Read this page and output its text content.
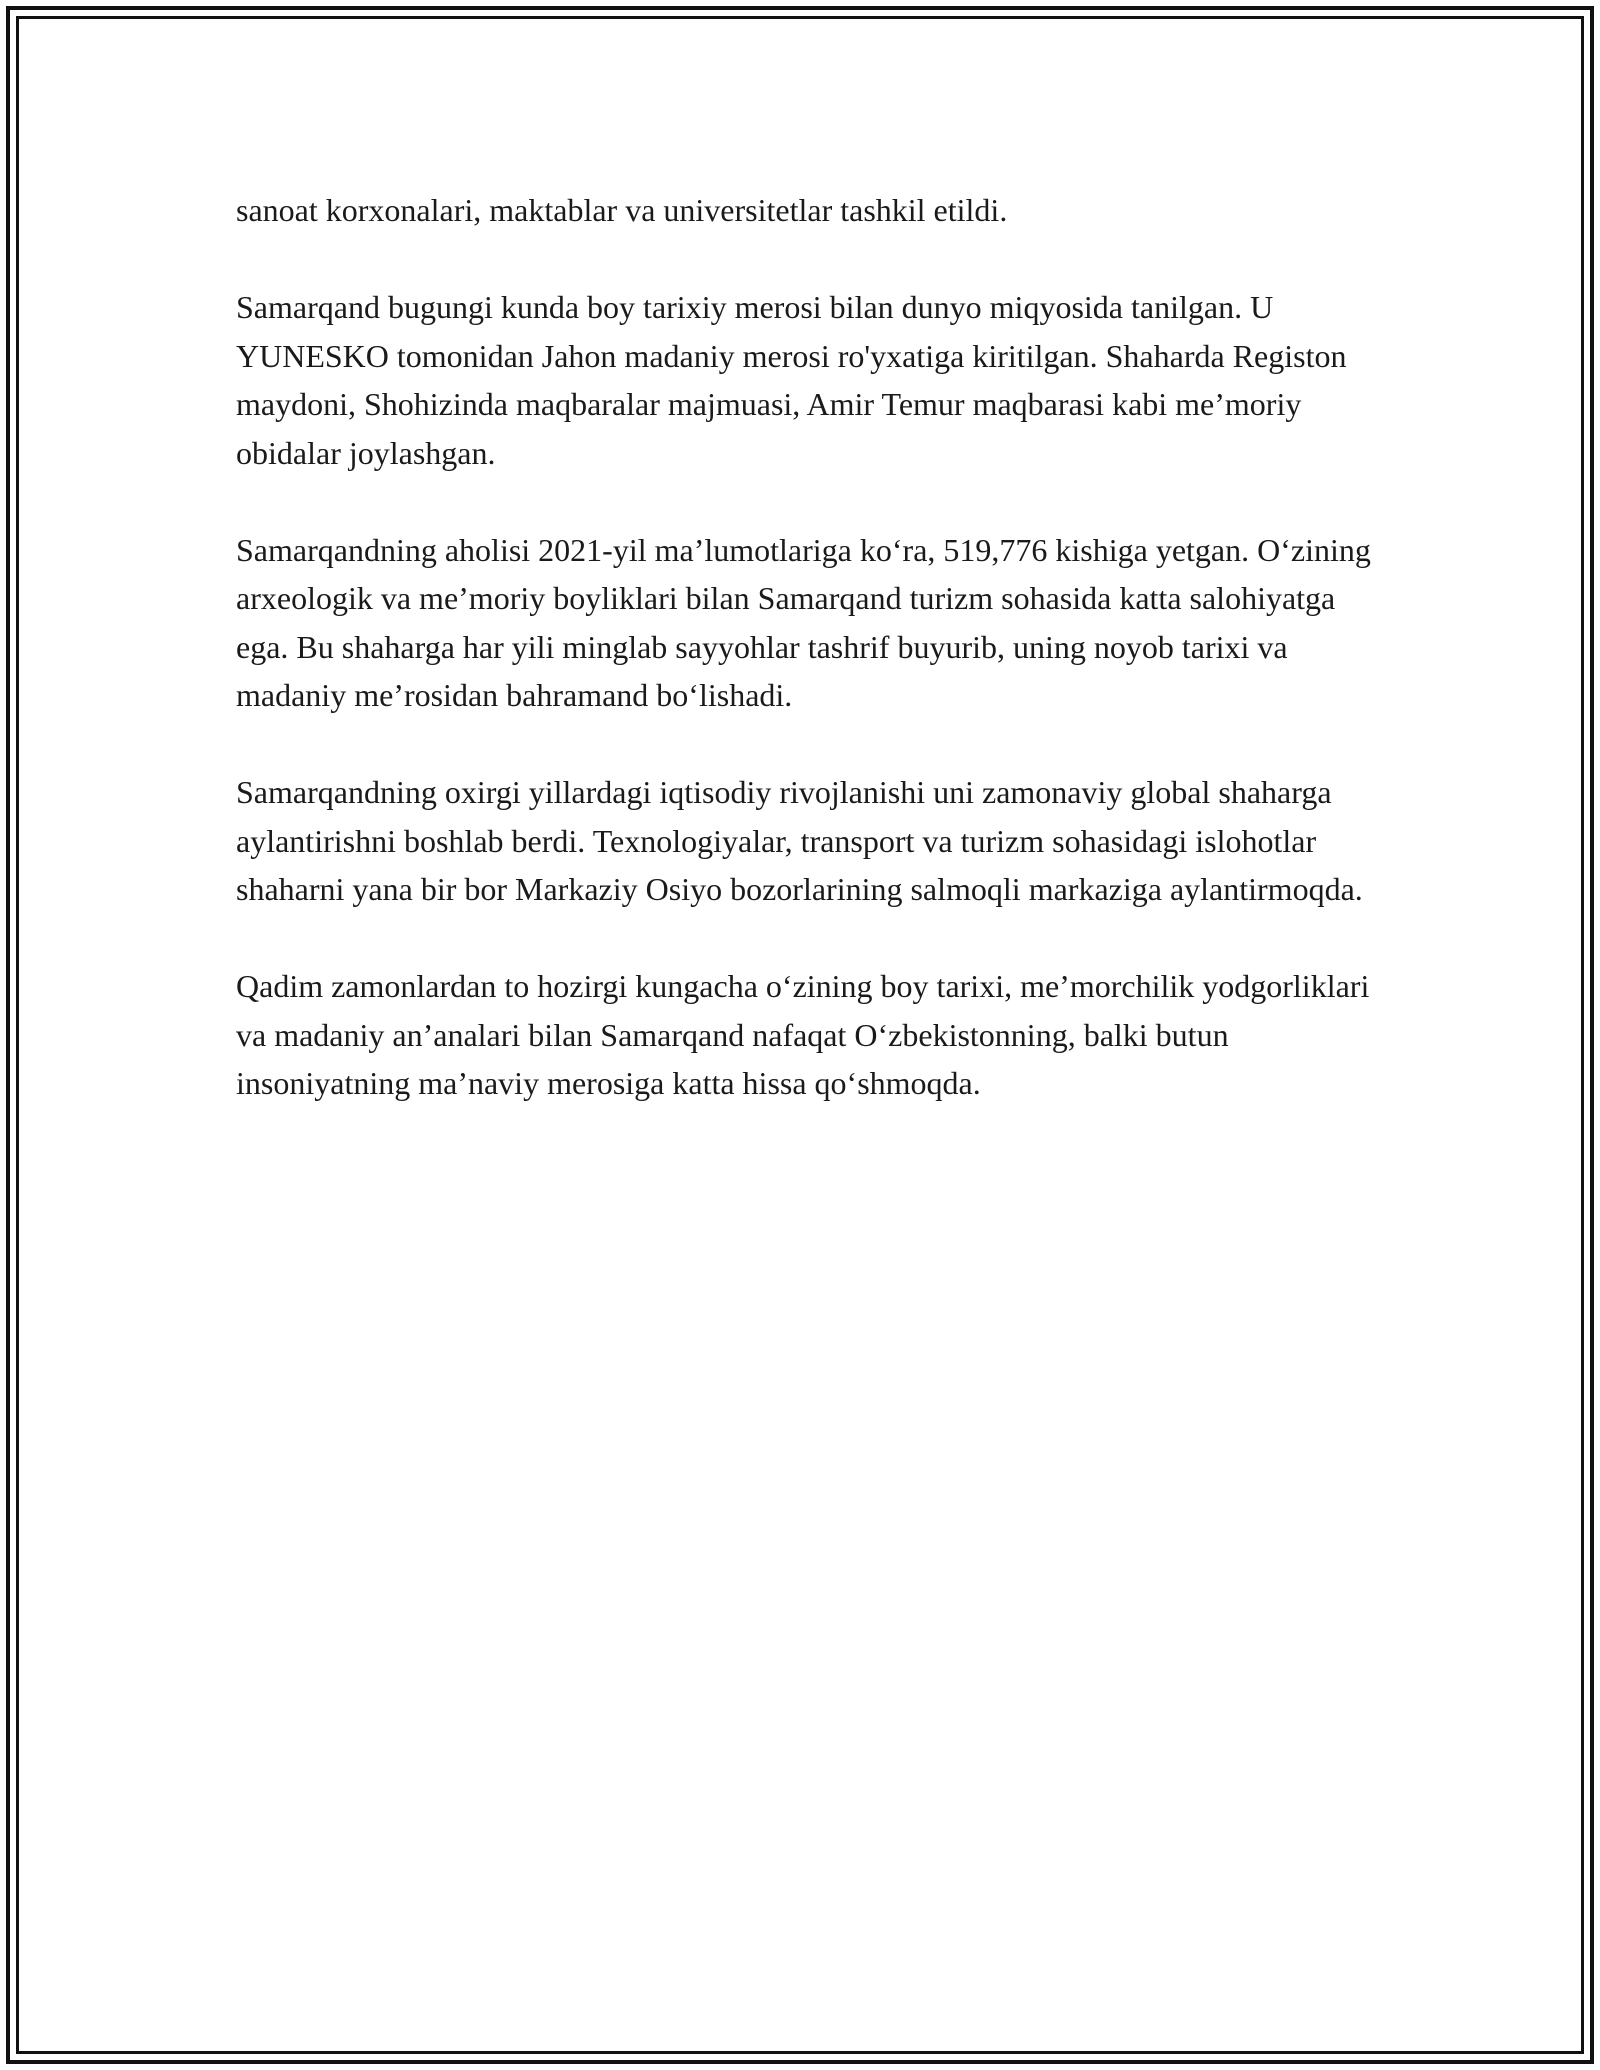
sanoat korxonalari, maktablar va universitetlar tashkil etildi.

Samarqand bugungi kunda boy tarixiy merosi bilan dunyo miqyosida tanilgan. U YUNESKO tomonidan Jahon madaniy merosi ro'yxatiga kiritilgan. Shaharda Registon maydoni, Shohizinda maqbaralar majmuasi, Amir Temur maqbarasi kabi me’moriy obidalar joylashgan.

Samarqandning aholisi 2021-yil ma’lumotlariga ko‘ra, 519,776 kishiga yetgan. O‘zining arxeologik va me’moriy boyliklari bilan Samarqand turizm sohasida katta salohiyatga ega. Bu shaharga har yili minglab sayyohlar tashrif buyurib, uning noyob tarixi va madaniy me’rosidan bahramand bo‘lishadi.

Samarqandning oxirgi yillardagi iqtisodiy rivojlanishi uni zamonaviy global shaharga aylantirishni boshlab berdi. Texnologiyalar, transport va turizm sohasidagi islohotlar shaharni yana bir bor Markaziy Osiyo bozorlarining salmoqli markaziga aylantirmoqda.

Qadim zamonlardan to hozirgi kungacha o‘zining boy tarixi, me’morchilik yodgorliklari va madaniy an’analari bilan Samarqand nafaqat O‘zbekistonning, balki butun insoniyatning ma’naviy merosiga katta hissa qo‘shmoqda.
